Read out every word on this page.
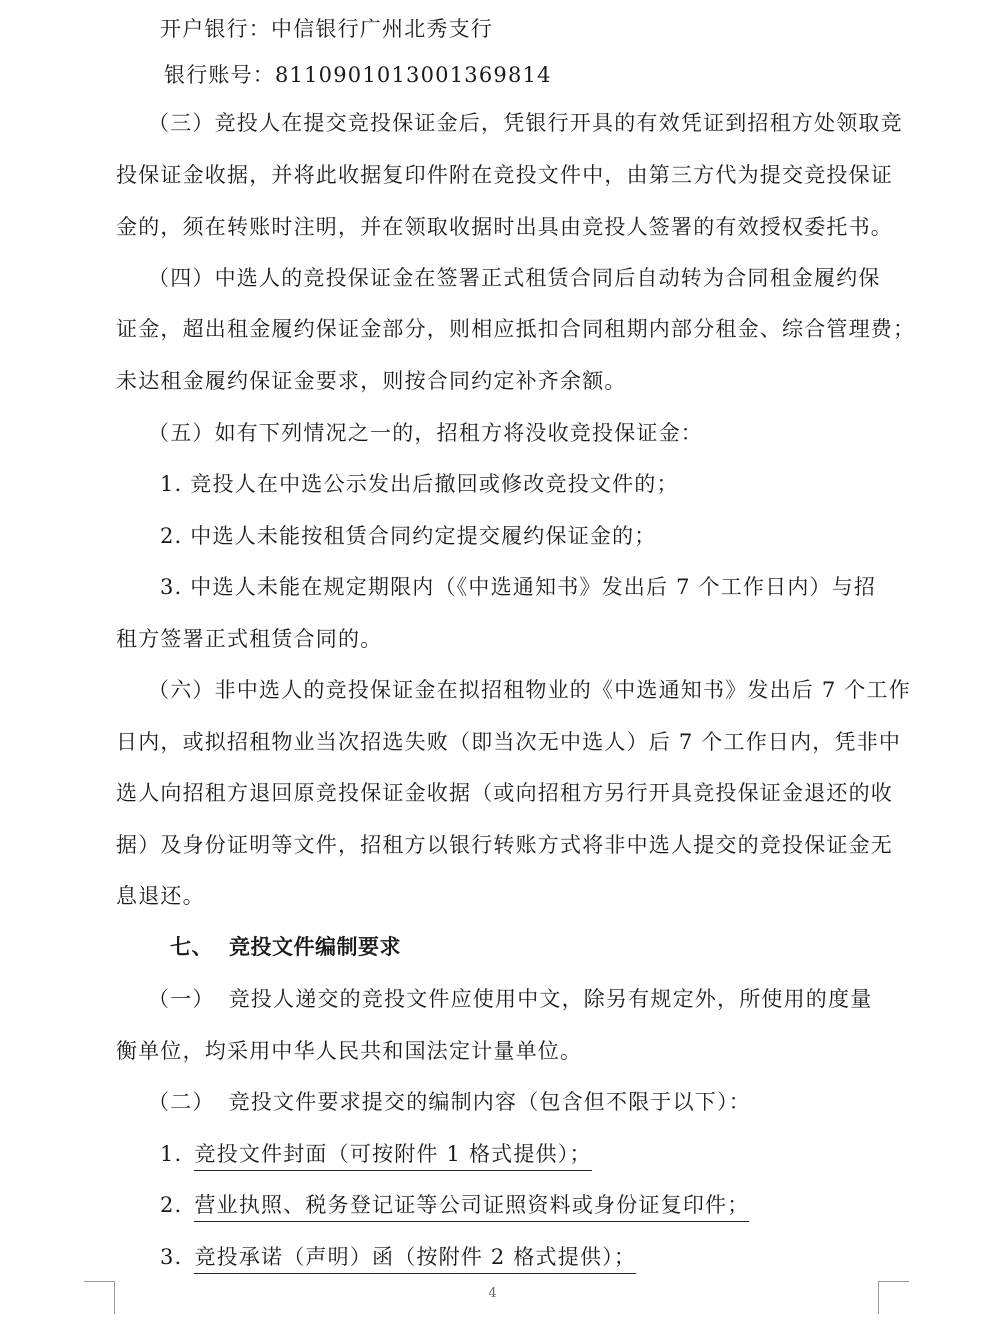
开户银行：中信银行广州北秀支行
银行账号：8110901013001369814
（三）竞投人在提交竞投保证金后，凭银行开具的有效凭证到招租方处领取竞
投保证金收据，并将此收据复印件附在竞投文件中，由第三方代为提交竞投保证
金的，须在转账时注明，并在领取收据时出具由竞投人签署的有效授权委托书。
（四）中选人的竞投保证金在签署正式租赁合同后自动转为合同租金履约保
证金，超出租金履约保证金部分，则相应抵扣合同租期内部分租金、综合管理费；
未达租金履约保证金要求，则按合同约定补齐余额。
（五）如有下列情况之一的，招租方将没收竞投保证金：
1. 竞投人在中选公示发出后撤回或修改竞投文件的；
2. 中选人未能按租赁合同约定提交履约保证金的；
3. 中选人未能在规定期限内（《中选通知书》发出后 7 个工作日内）与招
租方签署正式租赁合同的。
（六）非中选人的竞投保证金在拟招租物业的《中选通知书》发出后 7 个工作
日内，或拟招租物业当次招选失败（即当次无中选人）后 7 个工作日内，凭非中
选人向招租方退回原竞投保证金收据（或向招租方另行开具竞投保证金退还的收
据）及身份证明等文件，招租方以银行转账方式将非中选人提交的竞投保证金无
息退还。
七、 竞投文件编制要求
（一） 竞投人递交的竞投文件应使用中文，除另有规定外，所使用的度量
衡单位，均采用中华人民共和国法定计量单位。
（二） 竞投文件要求提交的编制内容（包含但不限于以下）：
1. 竞投文件封面（可按附件 1 格式提供）；
2. 营业执照、税务登记证等公司证照资料或身份证复印件；
3. 竞投承诺（声明）函（按附件 2 格式提供）；
4
